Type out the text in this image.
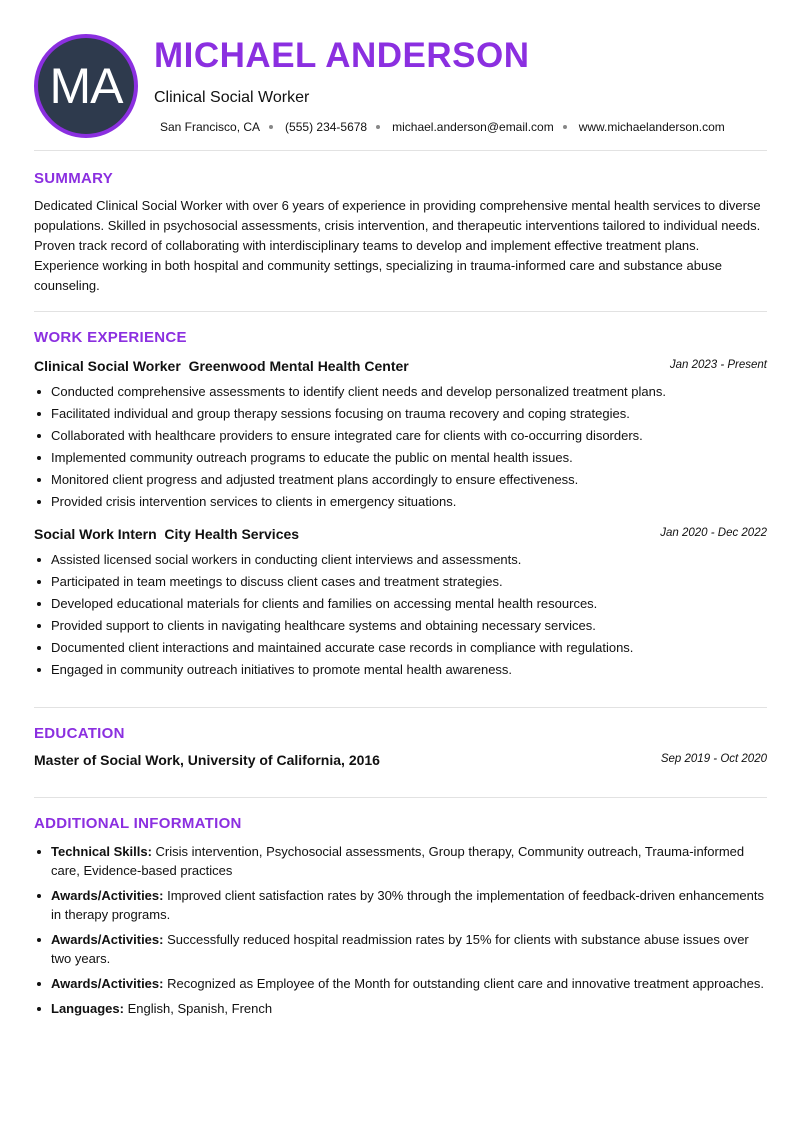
MA
MICHAEL ANDERSON
Clinical Social Worker
San Francisco, CA (555) 234-5678 michael.anderson@email.com www.michaelanderson.com
SUMMARY

Dedicated Clinical Social Worker with over 6 years of experience in providing comprehensive mental health services to diverse populations. Skilled in psychosocial assessments, crisis intervention, and therapeutic interventions tailored to individual needs. Proven track record of collaborating with interdisciplinary teams to develop and implement effective treatment plans. Experience working in both hospital and community settings, specializing in trauma-informed care and substance abuse counseling.

WORK EXPERIENCE
Clinical Social Worker  Greenwood Mental Health Center	Jan 2023 - Present
Conducted comprehensive assessments to identify client needs and develop personalized treatment plans.
Facilitated individual and group therapy sessions focusing on trauma recovery and coping strategies.
Collaborated with healthcare providers to ensure integrated care for clients with co-occurring disorders.
Implemented community outreach programs to educate the public on mental health issues.
Monitored client progress and adjusted treatment plans accordingly to ensure effectiveness.
Provided crisis intervention services to clients in emergency situations.
Social Work Intern  City Health Services	Jan 2020 - Dec 2022
Assisted licensed social workers in conducting client interviews and assessments.
Participated in team meetings to discuss client cases and treatment strategies.
Developed educational materials for clients and families on accessing mental health resources.
Provided support to clients in navigating healthcare systems and obtaining necessary services.
Documented client interactions and maintained accurate case records in compliance with regulations.
Engaged in community outreach initiatives to promote mental health awareness.
EDUCATION
Master of Social Work, University of California, 2016	Sep 2019 - Oct 2020
ADDITIONAL INFORMATION
Technical Skills: Crisis intervention, Psychosocial assessments, Group therapy, Community outreach, Trauma-informed care, Evidence-based practices
Awards/Activities: Improved client satisfaction rates by 30% through the implementation of feedback-driven enhancements in therapy programs.
Awards/Activities: Successfully reduced hospital readmission rates by 15% for clients with substance abuse issues over two years.
Awards/Activities: Recognized as Employee of the Month for outstanding client care and innovative treatment approaches.
Languages: English, Spanish, French
